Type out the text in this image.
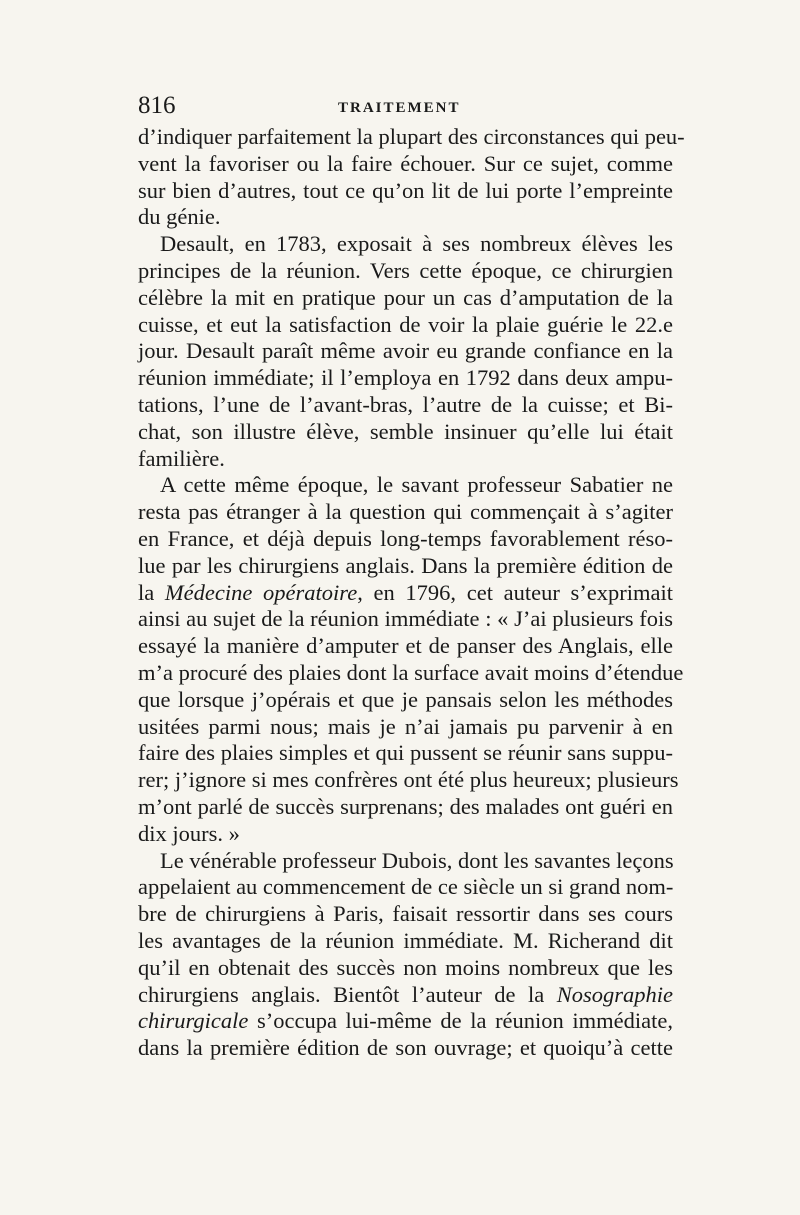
816	TRAITEMENT
d’indiquer parfaitement la plupart des circonstances qui peu-
vent la favoriser ou la faire échouer. Sur ce sujet, comme
sur bien d’autres, tout ce qu’on lit de lui porte l’empreinte
du génie.
Desault, en 1783, exposait à ses nombreux élèves les
principes de la réunion. Vers cette époque, ce chirurgien
célèbre la mit en pratique pour un cas d’amputation de la
cuisse, et eut la satisfaction de voir la plaie guérie le 22.e
jour. Desault paraît même avoir eu grande confiance en la
réunion immédiate; il l’employa en 1792 dans deux ampu-
tations, l’une de l’avant-bras, l’autre de la cuisse; et Bi-
chat, son illustre élève, semble insinuer qu’elle lui était
familière.
A cette même époque, le savant professeur Sabatier ne
resta pas étranger à la question qui commençait à s’agiter
en France, et déjà depuis long-temps favorablement réso-
lue par les chirurgiens anglais. Dans la première édition de
la Médecine opératoire, en 1796, cet auteur s’exprimait
ainsi au sujet de la réunion immédiate : « J’ai plusieurs fois
essayé la manière d’amputer et de panser des Anglais, elle
m’a procuré des plaies dont la surface avait moins d’étendue
que lorsque j’opérais et que je pansais selon les méthodes
usitées parmi nous; mais je n’ai jamais pu parvenir à en
faire des plaies simples et qui pussent se réunir sans suppu-
rer; j’ignore si mes confrères ont été plus heureux; plusieurs
m’ont parlé de succès surprenans; des malades ont guéri en
dix jours. »
Le vénérable professeur Dubois, dont les savantes leçons
appelaient au commencement de ce siècle un si grand nom-
bre de chirurgiens à Paris, faisait ressortir dans ses cours
les avantages de la réunion immédiate. M. Richerand dit
qu’il en obtenait des succès non moins nombreux que les
chirurgiens anglais. Bientôt l’auteur de la Nosographie
chirurgicale s’occupa lui-même de la réunion immédiate,
dans la première édition de son ouvrage; et quoiqu’à cette
